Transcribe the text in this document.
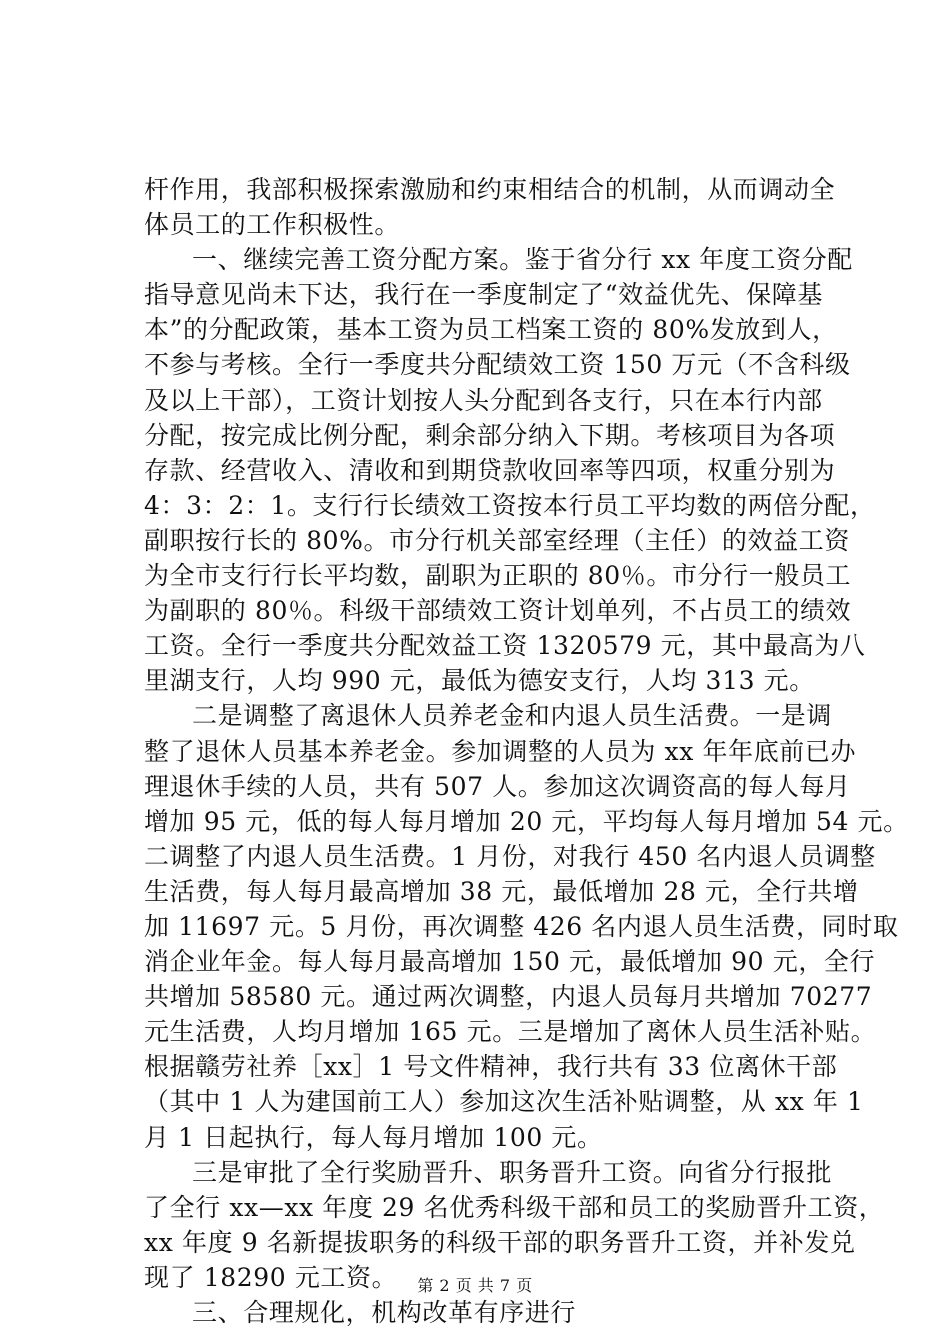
杆作用，我部积极探索激励和约束相结合的机制，从而调动全
体员工的工作积极性。
一、继续完善工资分配方案。鉴于省分行 xx 年度工资分配
指导意见尚未下达，我行在一季度制定了“效益优先、保障基
本”的分配政策，基本工资为员工档案工资的 80%发放到人，
不参与考核。全行一季度共分配绩效工资 150 万元（不含科级
及以上干部），工资计划按人头分配到各支行，只在本行内部
分配，按完成比例分配，剩余部分纳入下期。考核项目为各项
存款、经营收入、清收和到期贷款收回率等四项，权重分别为
4：3：2：1。支行行长绩效工资按本行员工平均数的两倍分配，
副职按行长的 80%。市分行机关部室经理（主任）的效益工资
为全市支行行长平均数，副职为正职的 80％。市分行一般员工
为副职的 80％。科级干部绩效工资计划单列，不占员工的绩效
工资。全行一季度共分配效益工资 1320579 元，其中最高为八
里湖支行，人均 990 元，最低为德安支行，人均 313 元。
二是调整了离退休人员养老金和内退人员生活费。一是调
整了退休人员基本养老金。参加调整的人员为 xx 年年底前已办
理退休手续的人员，共有 507 人。参加这次调资高的每人每月
增加 95 元，低的每人每月增加 20 元，平均每人每月增加 54 元。
二调整了内退人员生活费。1 月份，对我行 450 名内退人员调整
生活费，每人每月最高增加 38 元，最低增加 28 元，全行共增
加 11697 元。5 月份，再次调整 426 名内退人员生活费，同时取
消企业年金。每人每月最高增加 150 元，最低增加 90 元，全行
共增加 58580 元。通过两次调整，内退人员每月共增加 70277
元生活费，人均月增加 165 元。三是增加了离休人员生活补贴。
根据赣劳社养［xx］1 号文件精神，我行共有 33 位离休干部
（其中 1 人为建国前工人）参加这次生活补贴调整，从 xx 年 1
月 1 日起执行，每人每月增加 100 元。
三是审批了全行奖励晋升、职务晋升工资。向省分行报批
了全行 xx—xx 年度 29 名优秀科级干部和员工的奖励晋升工资，
xx 年度 9 名新提拔职务的科级干部的职务晋升工资，并补发兑
现了 18290 元工资。
三、合理规化，机构改革有序进行
第 2 页 共 7 页
